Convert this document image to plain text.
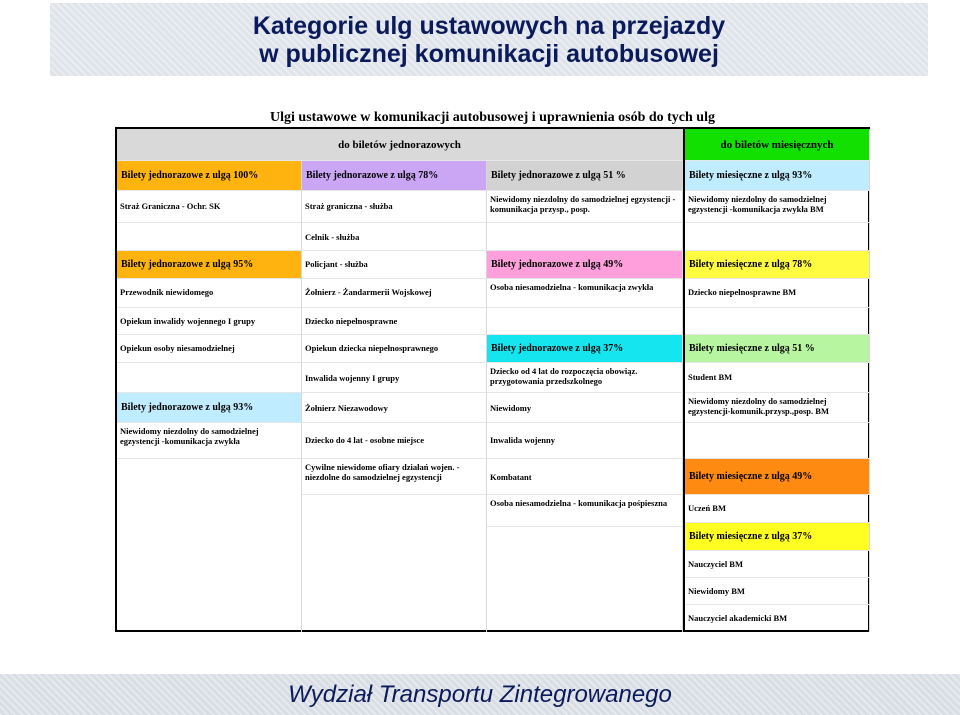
Kategorie ulg ustawowych na przejazdy
w publicznej komunikacji autobusowej
Ulgi ustawowe w komunikacji autobusowej i uprawnienia osób do tych ulg
do biletów jednorazowych	do biletów miesięcznych
Bilety jednorazowe z ulgą 100%
Straż Graniczna - Ochr. SK
Bilety jednorazowe z ulgą 95%
Przewodnik niewidomego
Opiekun inwalidy wojennego I grupy
Opiekun osoby niesamodzielnej
Bilety jednorazowe z ulgą 93%
Niewidomy niezdolny do samodzielnej egzystencji -komunikacja zwykła
Bilety jednorazowe z ulgą 78%
Straż graniczna - służba
Celnik - służba
Policjant - służba
Żołnierz - Żandarmerii Wojskowej
Dziecko niepełnosprawne
Opiekun dziecka niepełnosprawnego
Inwalida wojenny I grupy
Żołnierz Niezawodowy
Dziecko do 4 lat - osobne miejsce
Cywilne niewidome ofiary działań wojen. - niezdolne do samodzielnej egzystencji
Bilety jednorazowe z ulgą 51 %
Niewidomy niezdolny do samodzielnej egzystencji - komunikacja przysp., posp.
Bilety jednorazowe z ulgą 49%
Osoba niesamodzielna - komunikacja zwykła
Bilety jednorazowe z ulgą 37%
Dziecko od 4 lat do rozpoczęcia obowiąz. przygotowania przedszkolnego
Niewidomy
Inwalida wojenny
Kombatant
Osoba niesamodzielna - komunikacja pośpieszna
Bilety miesięczne z ulgą 93%
Niewidomy niezdolny do samodzielnej egzystencji -komunikacja zwykła BM
Bilety miesięczne z ulgą 78%
Dziecko niepełnosprawne BM
Bilety miesięczne z ulgą 51 %
Student BM
Niewidomy niezdolny do samodzielnej egzystencji-komunik.przysp.,posp. BM
Bilety miesięczne z ulgą 49%
Uczeń BM
Bilety miesięczne z ulgą 37%
Nauczyciel BM
Niewidomy BM
Nauczyciel akademicki BM
Wydział Transportu Zintegrowanego
